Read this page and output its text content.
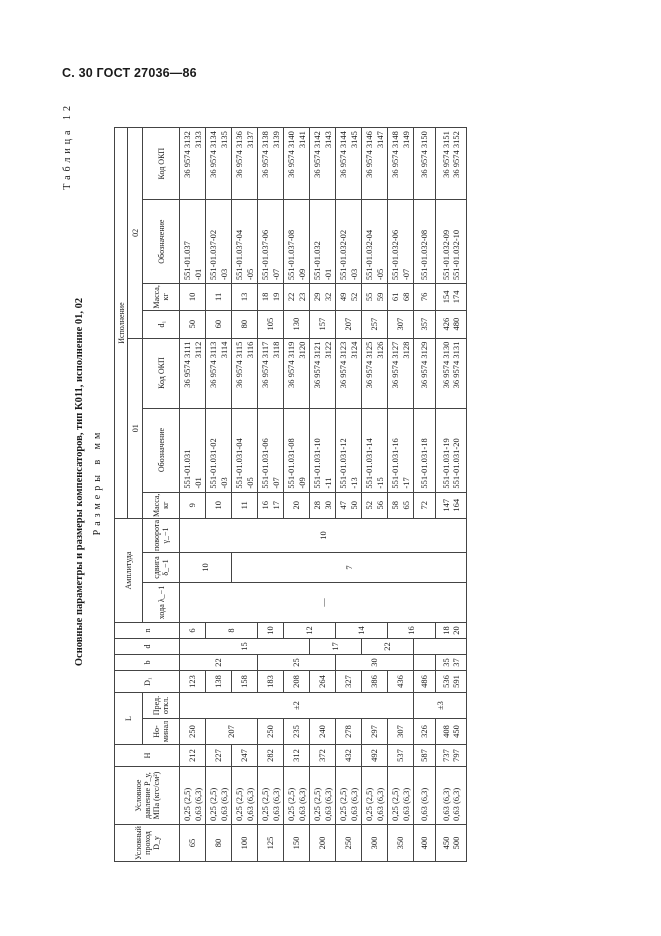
С. 30 ГОСТ 27036—86
Таблица 12
Основные параметры и размеры компенсаторов, тип К011, исполнение 01, 02 Размеры в мм
Условный проход D_у	Условное давление P_у, МПа (кгс/см²)	H	L		D₁	b	d	n	Амплитуда			Исполнение						
												01			02			
			Но-минал	Пред. откл.					хода λ_−1	сдвига δ_−1	поворота γ_−1	Масса, кг	Обозначение	Код ОКП	d₁	Масса, кг	Обозначение	Код ОКП
65	0,25 (2,5) 0,63 (6,3)	212	250	±2	123	22	15	6	—	10	10	9	551-01.031 -01	36 9574 3111 3112	50	10	551-01.037 -01	36 9574 3132 3133

80	0,25 (2,5) 0,63 (6,3)	227	207		138			8				10	551-01.031-02 -03	36 9574 3113 3114	60	11	551-01.037-02 -03	36 9574 3134 3135

100	0,25 (2,5) 0,63 (6,3)	247			158					7		11	551-01.031-04 -05	36 9574 3115 3116	80	13	551-01.037-04 -05	36 9574 3136 3137

125	0,25 (2,5) 0,63 (6,3)	282	250		183	25		10				16 17	551-01.031-06 -07	36 9574 3117 3118	105	18 19	551-01.037-06 -07	36 9574 3138 3139

150	0,25 (2,5) 0,63 (6,3)	312	235		208			12				20	551-01.031-08 -09	36 9574 3119 3120	130	22 23	551-01.037-08 -09	36 9574 3140 3141

200	0,25 (2,5) 0,63 (6,3)	372	240		264		17					28 30	551-01.031-10 -11	36 9574 3121 3122	157	29 32	551-01.032 -01	36 9574 3142 3143

250	0,25 (2,5) 0,63 (6,3)	432	278		327	30		14				47 50	551-01.031-12 -13	36 9574 3123 3124	207	49 52	551-01.032-02 -03	36 9574 3144 3145

300	0,25 (2,5) 0,63 (6,3)	492	297		386		22					52 56	551-01.031-14 -15	36 9574 3125 3126	257	55 59	551-01.032-04 -05	36 9574 3146 3147

350	0,25 (2,5) 0,63 (6,3)	537	307		436			16				58 65	551-01.031-16 -17	36 9574 3127 3128	307	61 68	551-01.032-06 -07	36 9574 3148 3149

400	0,63 (6,3)	587	326	±3	486							72	551-01.031-18	36 9574 3129	357	76	551-01.032-08	36 9574 3150

450 500	0,63 (6,3) 0,63 (6,3)	737 797	408 450		536 591	35 37		18 20				147 164	551-01.031-19 551-01.031-20	36 9574 3130 36 9574 3131	426 480	154 174	551-01.032-09 551-01.032-10	36 9574 3151 36 9574 3152
